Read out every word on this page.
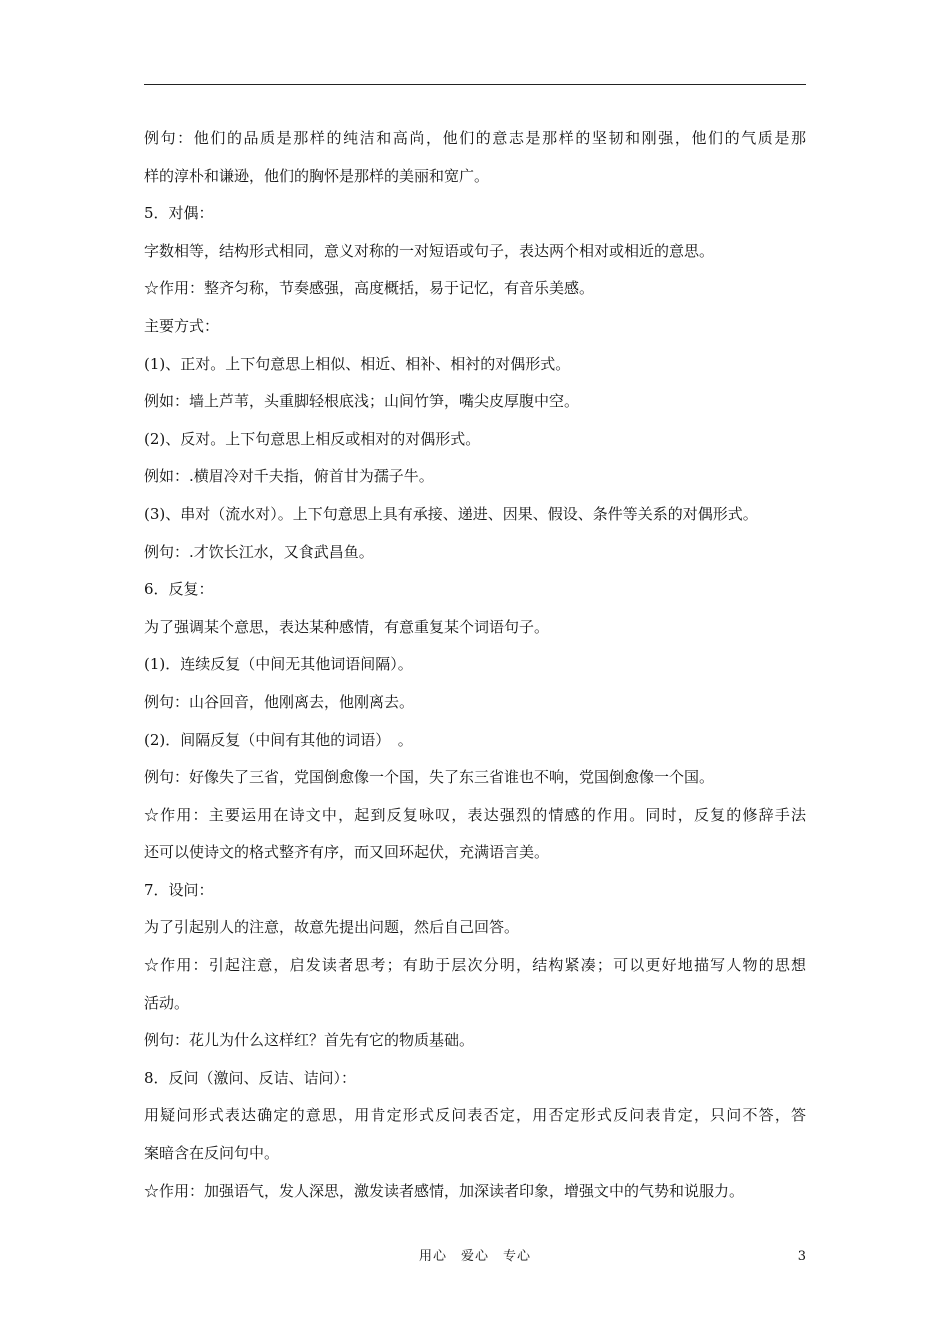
例句：他们的品质是那样的纯洁和高尚，他们的意志是那样的坚韧和刚强，他们的气质是那
样的淳朴和谦逊，他们的胸怀是那样的美丽和宽广。
5．对偶：
字数相等，结构形式相同，意义对称的一对短语或句子，表达两个相对或相近的意思。
☆作用：整齐匀称，节奏感强，高度概括，易于记忆，有音乐美感。
主要方式：
(1)、正对。上下句意思上相似、相近、相补、相衬的对偶形式。
例如：墙上芦苇，头重脚轻根底浅；山间竹笋，嘴尖皮厚腹中空。
(2)、反对。上下句意思上相反或相对的对偶形式。
例如：.横眉冷对千夫指，俯首甘为孺子牛。
(3)、串对（流水对）。上下句意思上具有承接、递进、因果、假设、条件等关系的对偶形式。
例句：.才饮长江水，又食武昌鱼。
6．反复：
为了强调某个意思，表达某种感情，有意重复某个词语句子。
(1)．连续反复（中间无其他词语间隔）。
例句：山谷回音，他刚离去，他刚离去。
(2)．间隔反复（中间有其他的词语）　。
例句：好像失了三省，党国倒愈像一个国，失了东三省谁也不响，党国倒愈像一个国。
☆作用：主要运用在诗文中，起到反复咏叹，表达强烈的情感的作用。同时，反复的修辞手法
还可以使诗文的格式整齐有序，而又回环起伏，充满语言美。
7．设问：
为了引起别人的注意，故意先提出问题，然后自己回答。
☆作用：引起注意，启发读者思考；有助于层次分明，结构紧凑；可以更好地描写人物的思想
活动。
例句：花儿为什么这样红？首先有它的物质基础。
8．反问（激问、反诘、诘问）：
用疑问形式表达确定的意思，用肯定形式反问表否定，用否定形式反问表肯定，只问不答，答
案暗含在反问句中。
☆作用：加强语气，发人深思，激发读者感情，加深读者印象，增强文中的气势和说服力。
用心　爱心　专心	3
